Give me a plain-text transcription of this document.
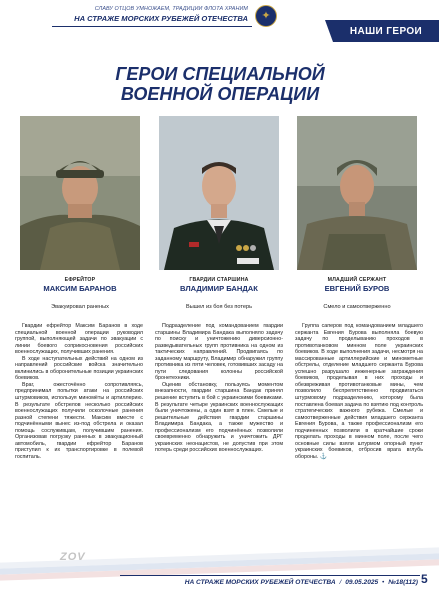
СЛАВУ ОТЦОВ УМНОЖАЕМ, ТРАДИЦИИ ФЛОТА ХРАНИМ
НА СТРАЖЕ МОРСКИХ РУБЕЖЕЙ ОТЕЧЕСТВА ✦
НАШИ ГЕРОИ
ГЕРОИ СПЕЦИАЛЬНОЙ
ВОЕННОЙ ОПЕРАЦИИ
ЕФРЕЙТОР
МАКСИМ БАРАНОВ
ГВАРДИИ СТАРШИНА
ВЛАДИМИР БАНДАК
МЛАДШИЙ СЕРЖАНТ
ЕВГЕНИЙ БУРОВ
Эвакуировал раненых	Вышел из боя без потерь	Смело и самоотверженно

Гвардии ефрейтор Максим Баранов в ходе специальной военной операции руководил группой, выполняющей задачи по эвакуации с линии боевого соприкосновения российских военнослужащих, получивших ранения.

В ходе наступательных действий на одном из направлений российские войска значительно вклинились в оборонительные позиции украинских боевиков.

Враг, ожесточённо сопротивляясь, предпринимал попытки атаки на российских штурмовиков, используя миномёты и артиллерию. В результате обстрелов несколько российских военнослужащих получили осколочные ранения разной степени тяжести. Максим вместе с подчинёнными вынес из-под обстрела и оказал помощь сослуживцам, получившим ранения. Организовав погрузку раненых в эвакуационный автомобиль, гвардии ефрейтор Баранов приступил к их транспортировке в полевой госпиталь.

Подразделение под командованием гвардии старшины Владимира Бандака выполняло задачу по поиску и уничтожению диверсионно-разведывательных групп противника на одном из тактических направлений. Продвигаясь по заданному маршруту, Владимир обнаружил группу противника из пяти человек, готовивших засаду на пути следования колонны российской бронетехники.

Оценив обстановку, пользуясь моментом внезапности, гвардии старшина Бандак принял решение вступить в бой с украинскими боевиками. В результате четыре украинских военнослужащих были уничтожены, а один взят в плен. Смелые и решительные действия гвардии старшины Владимира Бандака, а также мужество и профессионализм его подчинённых позволили своевременно обнаружить и уничтожить ДРГ украинских неонацистов, не допустив при этом потерь среди российских военнослужащих.

Группа саперов под командованием младшего сержанта Евгения Бурова выполняла боевую задачу по проделыванию проходов в противотанковом минном поле украинских боевиков. В ходе выполнения задачи, несмотря на массированные артиллерийские и минометные обстрелы, отделение младшего сержанта Бурова успешно разрушало инженерные заграждения боевиков, проделывая в них проходы и обезвреживая противотанковые мины, чем позволило беспрепятственно продвигаться штурмовому подразделению, которому была поставлена боевая задача по взятию под контроль стратегических важного рубежа. Смелые и самоотверженные действия младшего сержанта Евгения Бурова, а также профессионализм его подчиненных позволили в кратчайшие сроки проделать проходы в минном поле, после чего основные силы взяли штурмом опорный пункт украинских боевиков, отбросив врага вглубь обороны. ⚓

ZOV
НА СТРАЖЕ МОРСКИХ РУБЕЖЕЙ ОТЕЧЕСТВА / 09.05.2025 • №18(112) 5
